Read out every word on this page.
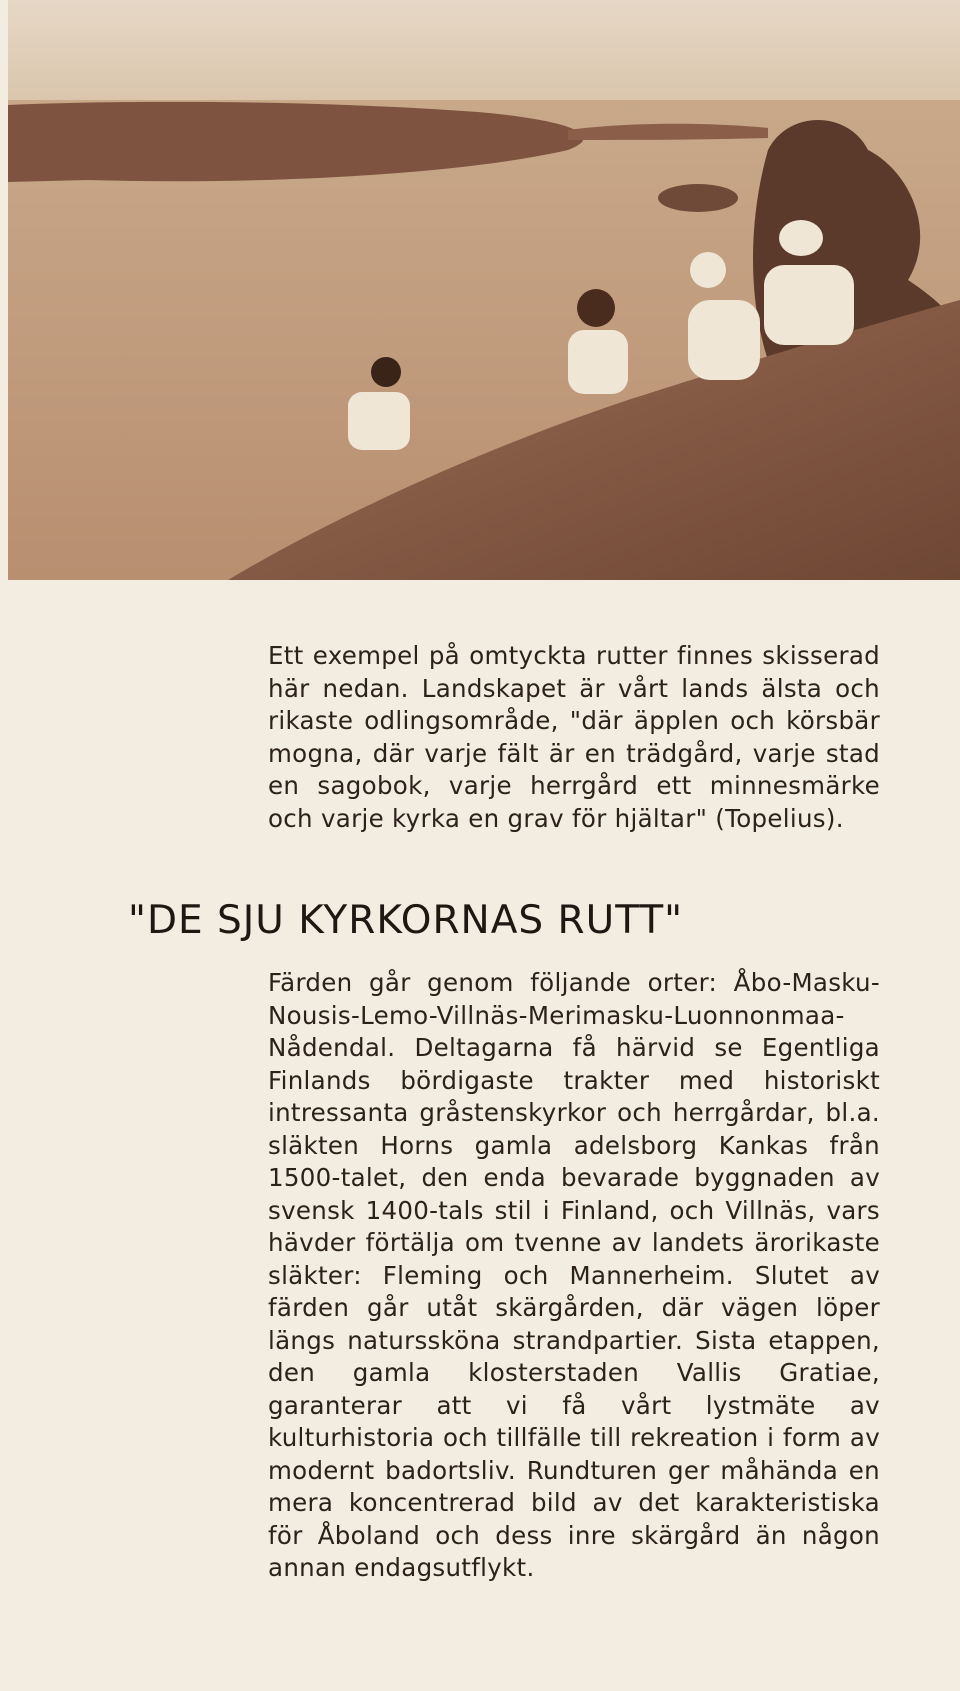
Ett exempel på omtyckta rutter finnes skisserad här nedan. Landskapet är vårt lands älsta och rikaste odlingsområde, "där äpplen och körsbär mogna, där varje fält är en trädgård, varje stad en sagobok, varje herrgård ett minnesmärke och varje kyrka en grav för hjältar" (Topelius).

"DE SJU KYRKORNAS RUTT"

Färden går genom följande orter: Åbo-Masku-Nousis-Lemo-Villnäs-Merimasku-Luonnonmaa-Nådendal. Deltagarna få härvid se Egentliga Finlands bördigaste trakter med historiskt intressanta gråstenskyrkor och herrgårdar, bl.a. släkten Horns gamla adelsborg Kankas från 1500-talet, den enda bevarade byggnaden av svensk 1400-tals stil i Finland, och Villnäs, vars hävder förtälja om tvenne av landets ärorikaste släkter: Fleming och Mannerheim. Slutet av färden går utåt skärgården, där vägen löper längs naturssköna strandpartier. Sista etappen, den gamla klosterstaden Vallis Gratiae, garanterar att vi få vårt lystmäte av kulturhistoria och tillfälle till rekreation i form av modernt badortsliv. Rundturen ger måhända en mera koncentrerad bild av det karakteristiska för Åboland och dess inre skärgård än någon annan endagsutflykt.
